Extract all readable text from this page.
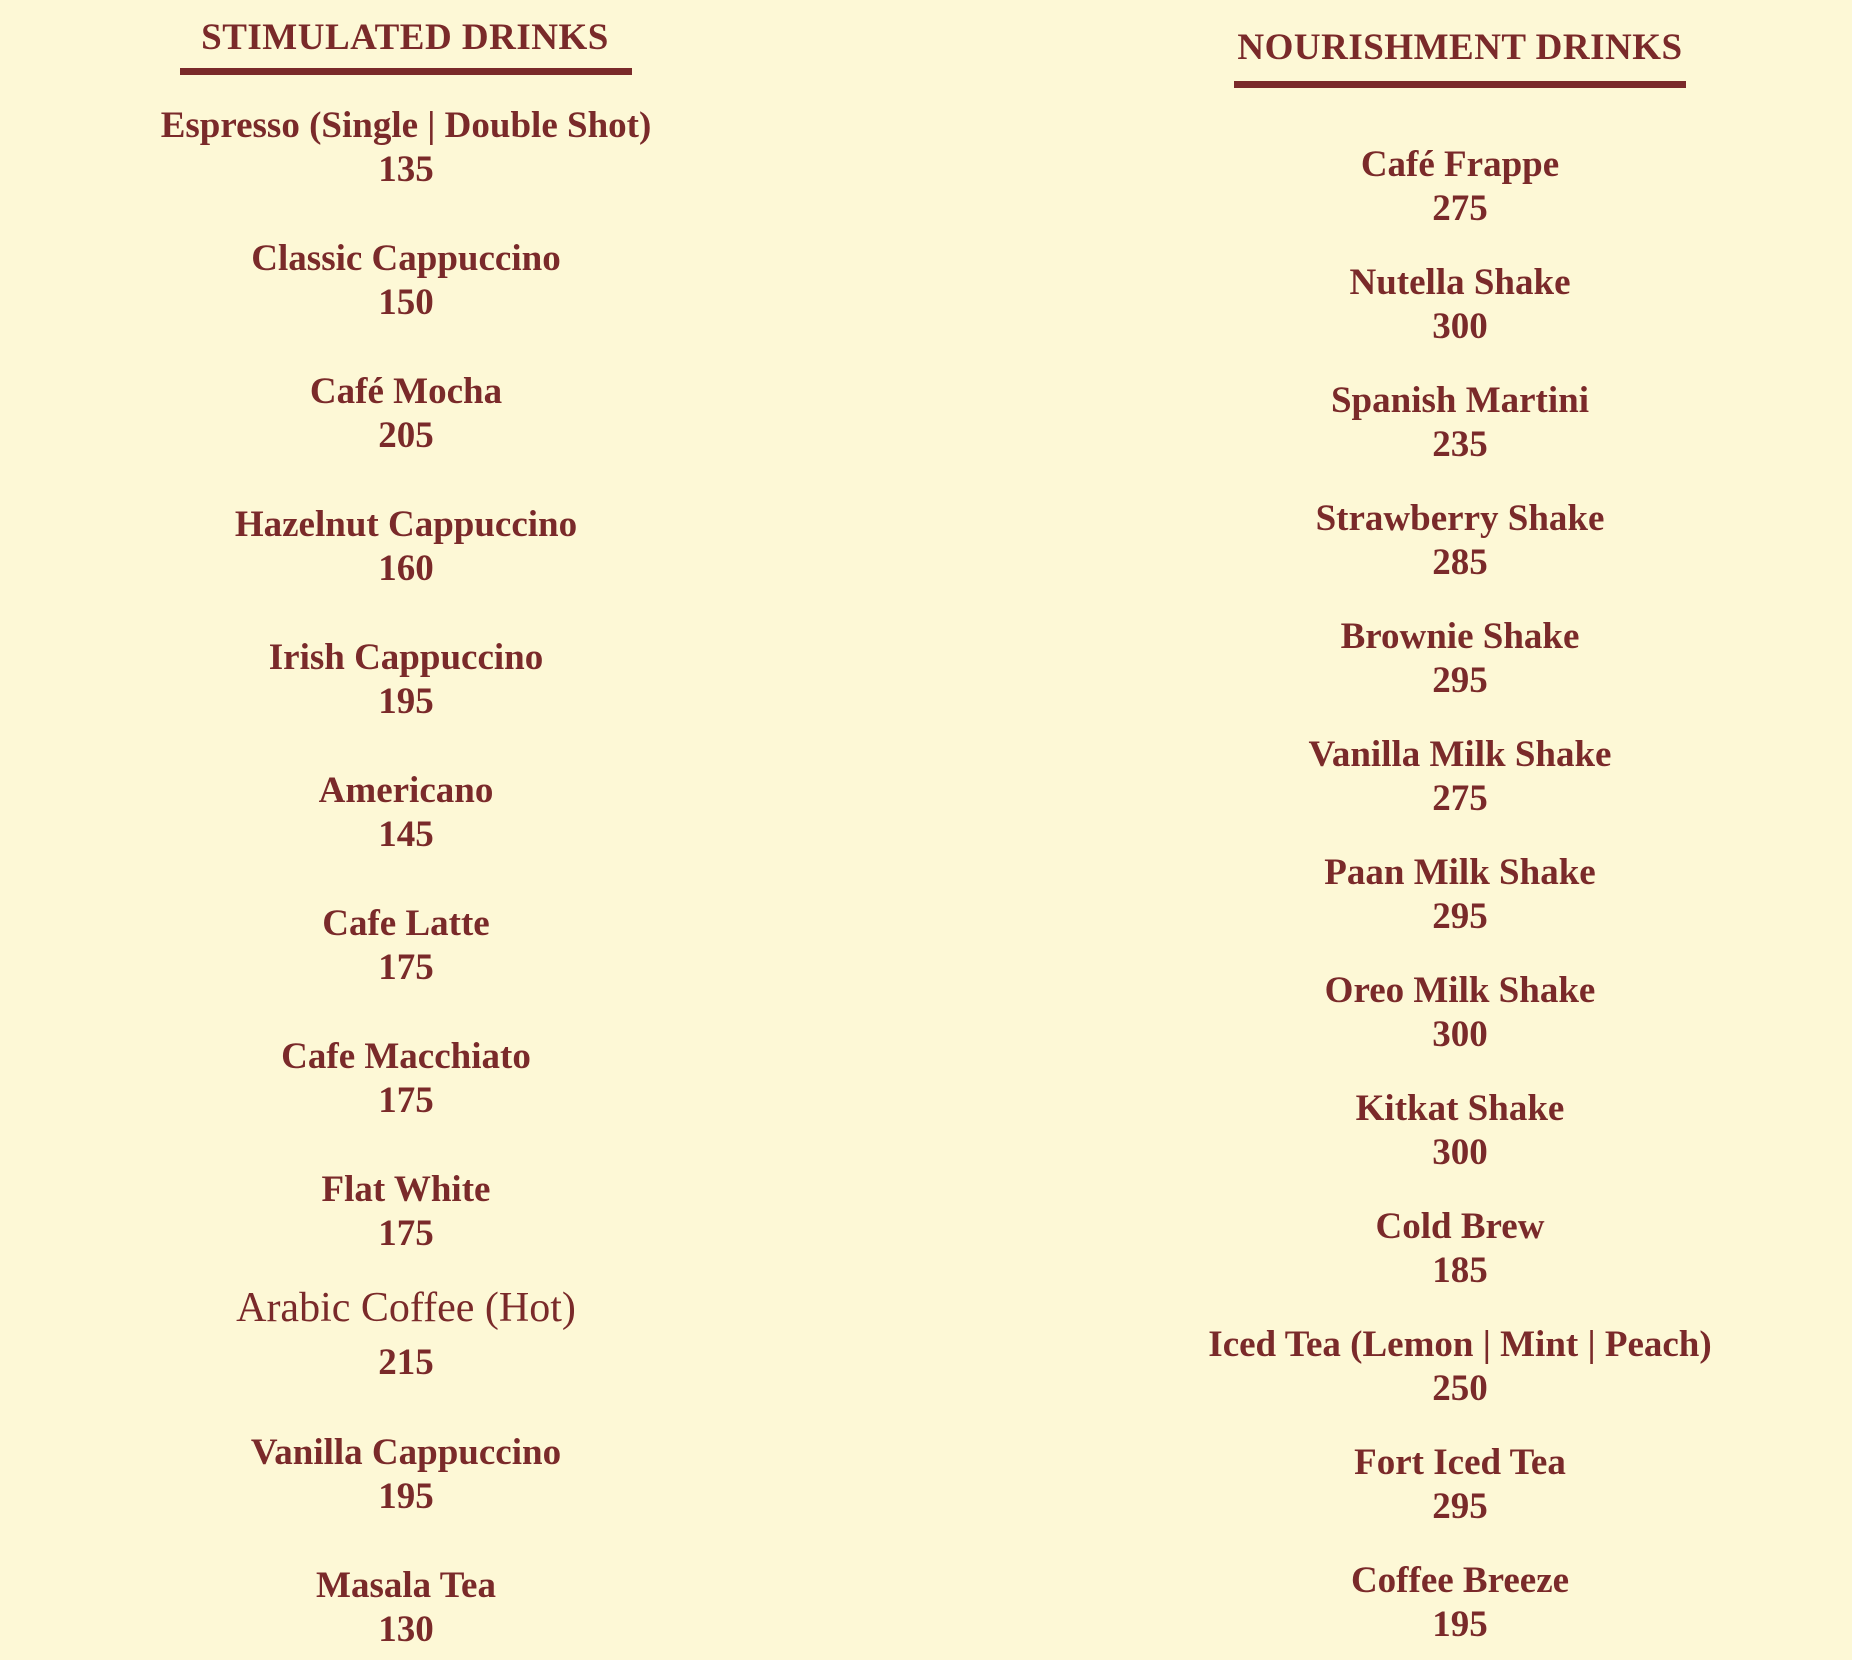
STIMULATED DRINKS
Espresso (Single | Double Shot)
135
Classic Cappuccino
150
Café Mocha
205
Hazelnut Cappuccino
160
Irish Cappuccino
195
Americano
145
Cafe Latte
175
Cafe Macchiato
175
Flat White
175
Arabic Coffee (Hot)
215
Vanilla Cappuccino
195
Masala Tea
130
NOURISHMENT DRINKS
Café Frappe
275
Nutella Shake
300
Spanish Martini
235
Strawberry Shake
285
Brownie Shake
295
Vanilla Milk Shake
275
Paan Milk Shake
295
Oreo Milk Shake
300
Kitkat Shake
300
Cold Brew
185
Iced Tea (Lemon | Mint | Peach)
250
Fort Iced Tea
295
Coffee Breeze
195
